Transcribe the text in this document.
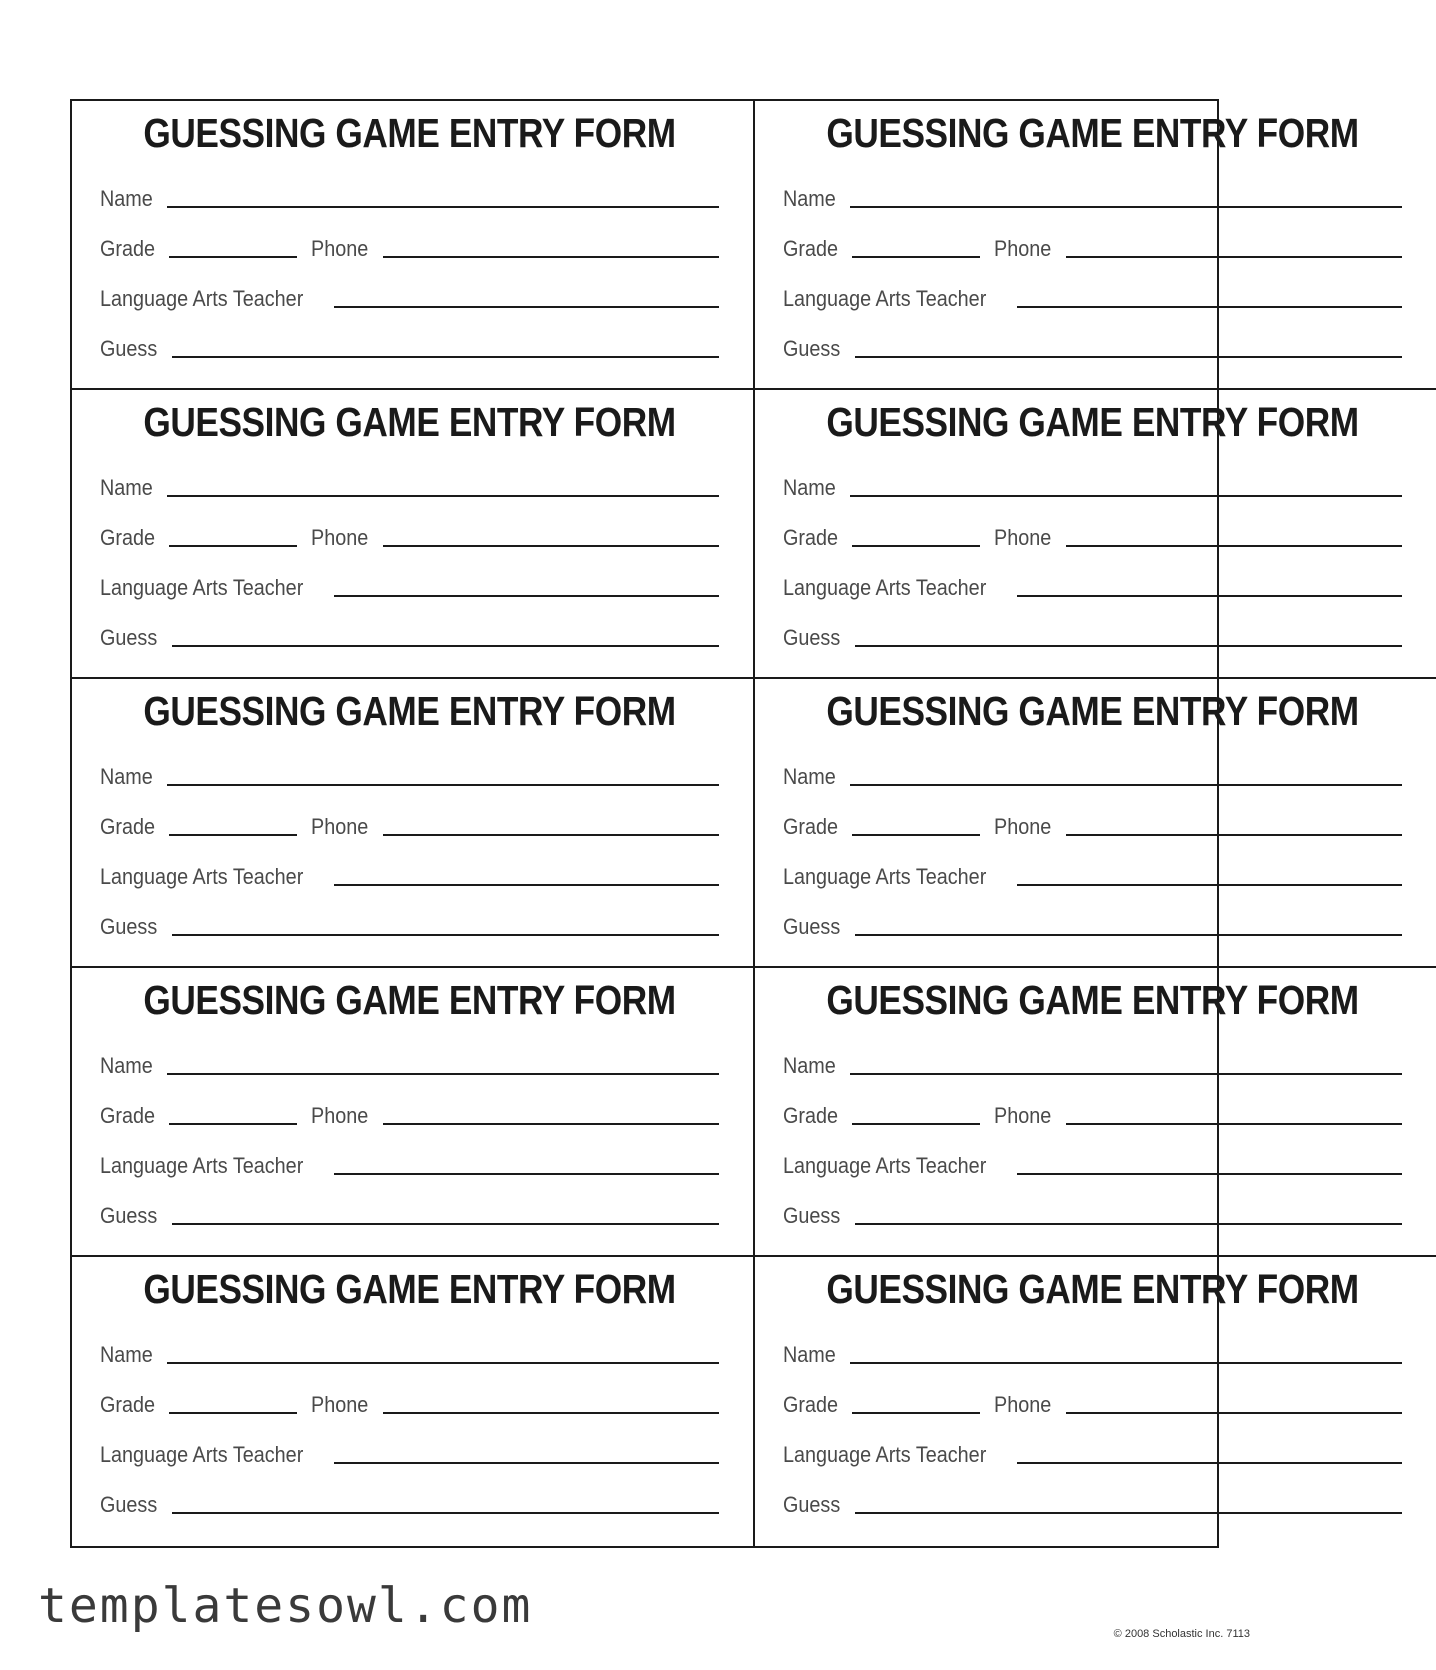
GUESSING GAME ENTRY FORM
Name
Grade	Phone
Language Arts Teacher
Guess
GUESSING GAME ENTRY FORM
Name
Grade	Phone
Language Arts Teacher
Guess
GUESSING GAME ENTRY FORM
Name
Grade	Phone
Language Arts Teacher
Guess
GUESSING GAME ENTRY FORM
Name
Grade	Phone
Language Arts Teacher
Guess
GUESSING GAME ENTRY FORM
Name
Grade	Phone
Language Arts Teacher
Guess
GUESSING GAME ENTRY FORM
Name
Grade	Phone
Language Arts Teacher
Guess
GUESSING GAME ENTRY FORM
Name
Grade	Phone
Language Arts Teacher
Guess
GUESSING GAME ENTRY FORM
Name
Grade	Phone
Language Arts Teacher
Guess
GUESSING GAME ENTRY FORM
Name
Grade	Phone
Language Arts Teacher
Guess
GUESSING GAME ENTRY FORM
Name
Grade	Phone
Language Arts Teacher
Guess
templatesowl.com	© 2008 Scholastic Inc. 7113
